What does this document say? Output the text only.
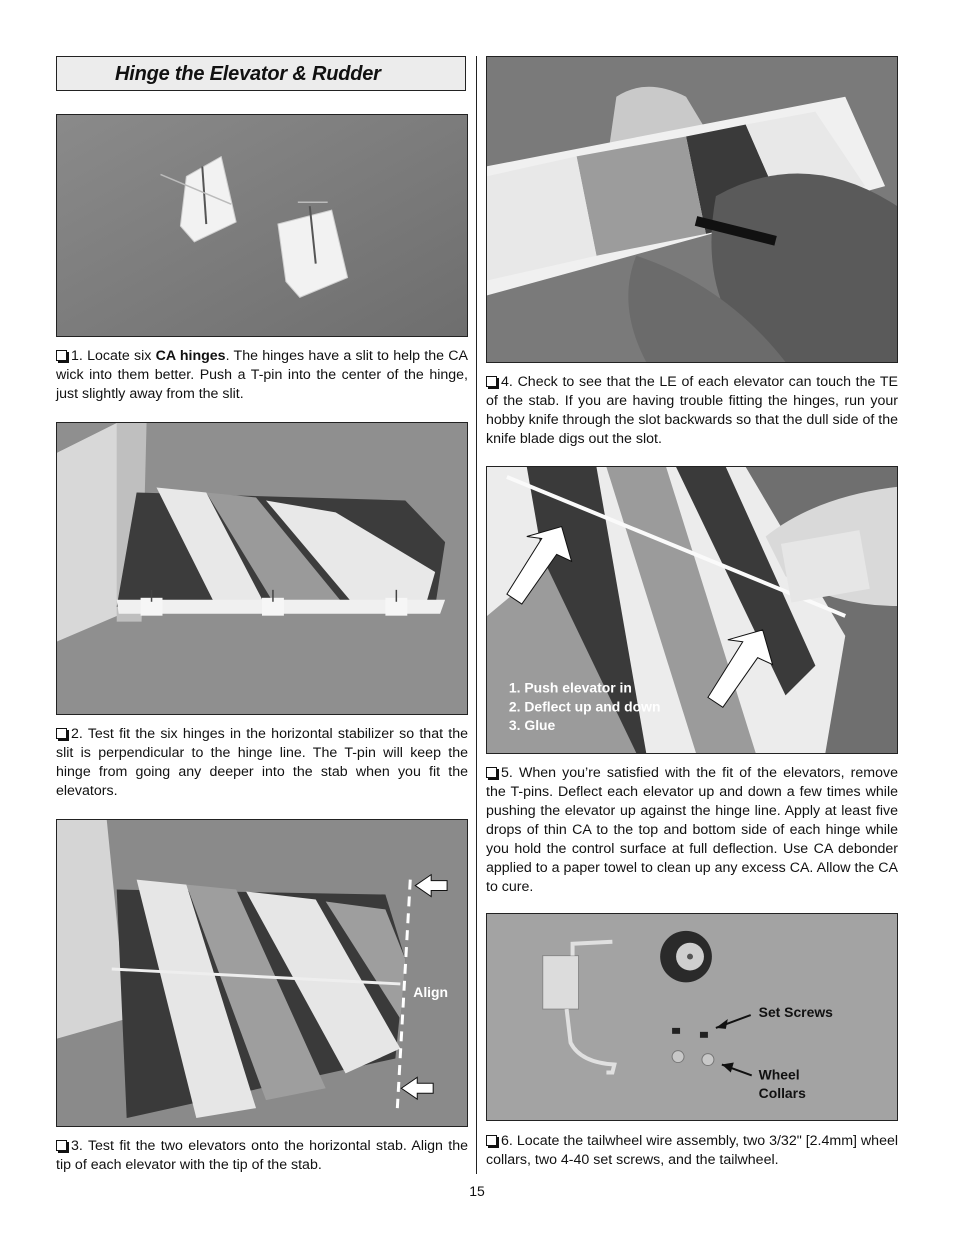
Hinge the Elevator & Rudder

1. Locate six CA hinges. The hinges have a slit to help the CA wick into them better. Push a T-pin into the center of the hinge, just slightly away from the slit.

2. Test fit the six hinges in the horizontal stabilizer so that the slit is perpendicular to the hinge line. The T-pin will keep the hinge from going any deeper into the stab when you fit the elevators.

Align

3. Test fit the two elevators onto the horizontal stab. Align the tip of each elevator with the tip of the stab.

4. Check to see that the LE of each elevator can touch the TE of the stab. If you are having trouble fitting the hinges, run your hobby knife through the slot backwards so that the dull side of the knife blade digs out the slot.

1. Push elevator in
2. Deflect up and down
3. Glue

5. When you’re satisfied with the fit of the elevators, remove the T-pins. Deflect each elevator up and down a few times while pushing the elevator up against the hinge line. Apply at least five drops of thin CA to the top and bottom side of each hinge while you hold the control surface at full deflection. Use CA debonder applied to a paper towel to clean up any excess CA. Allow the CA to cure.

Set Screws
Wheel
Collars

6. Locate the tailwheel wire assembly, two 3/32" [2.4mm] wheel collars, two 4-40 set screws, and the tailwheel.

15
